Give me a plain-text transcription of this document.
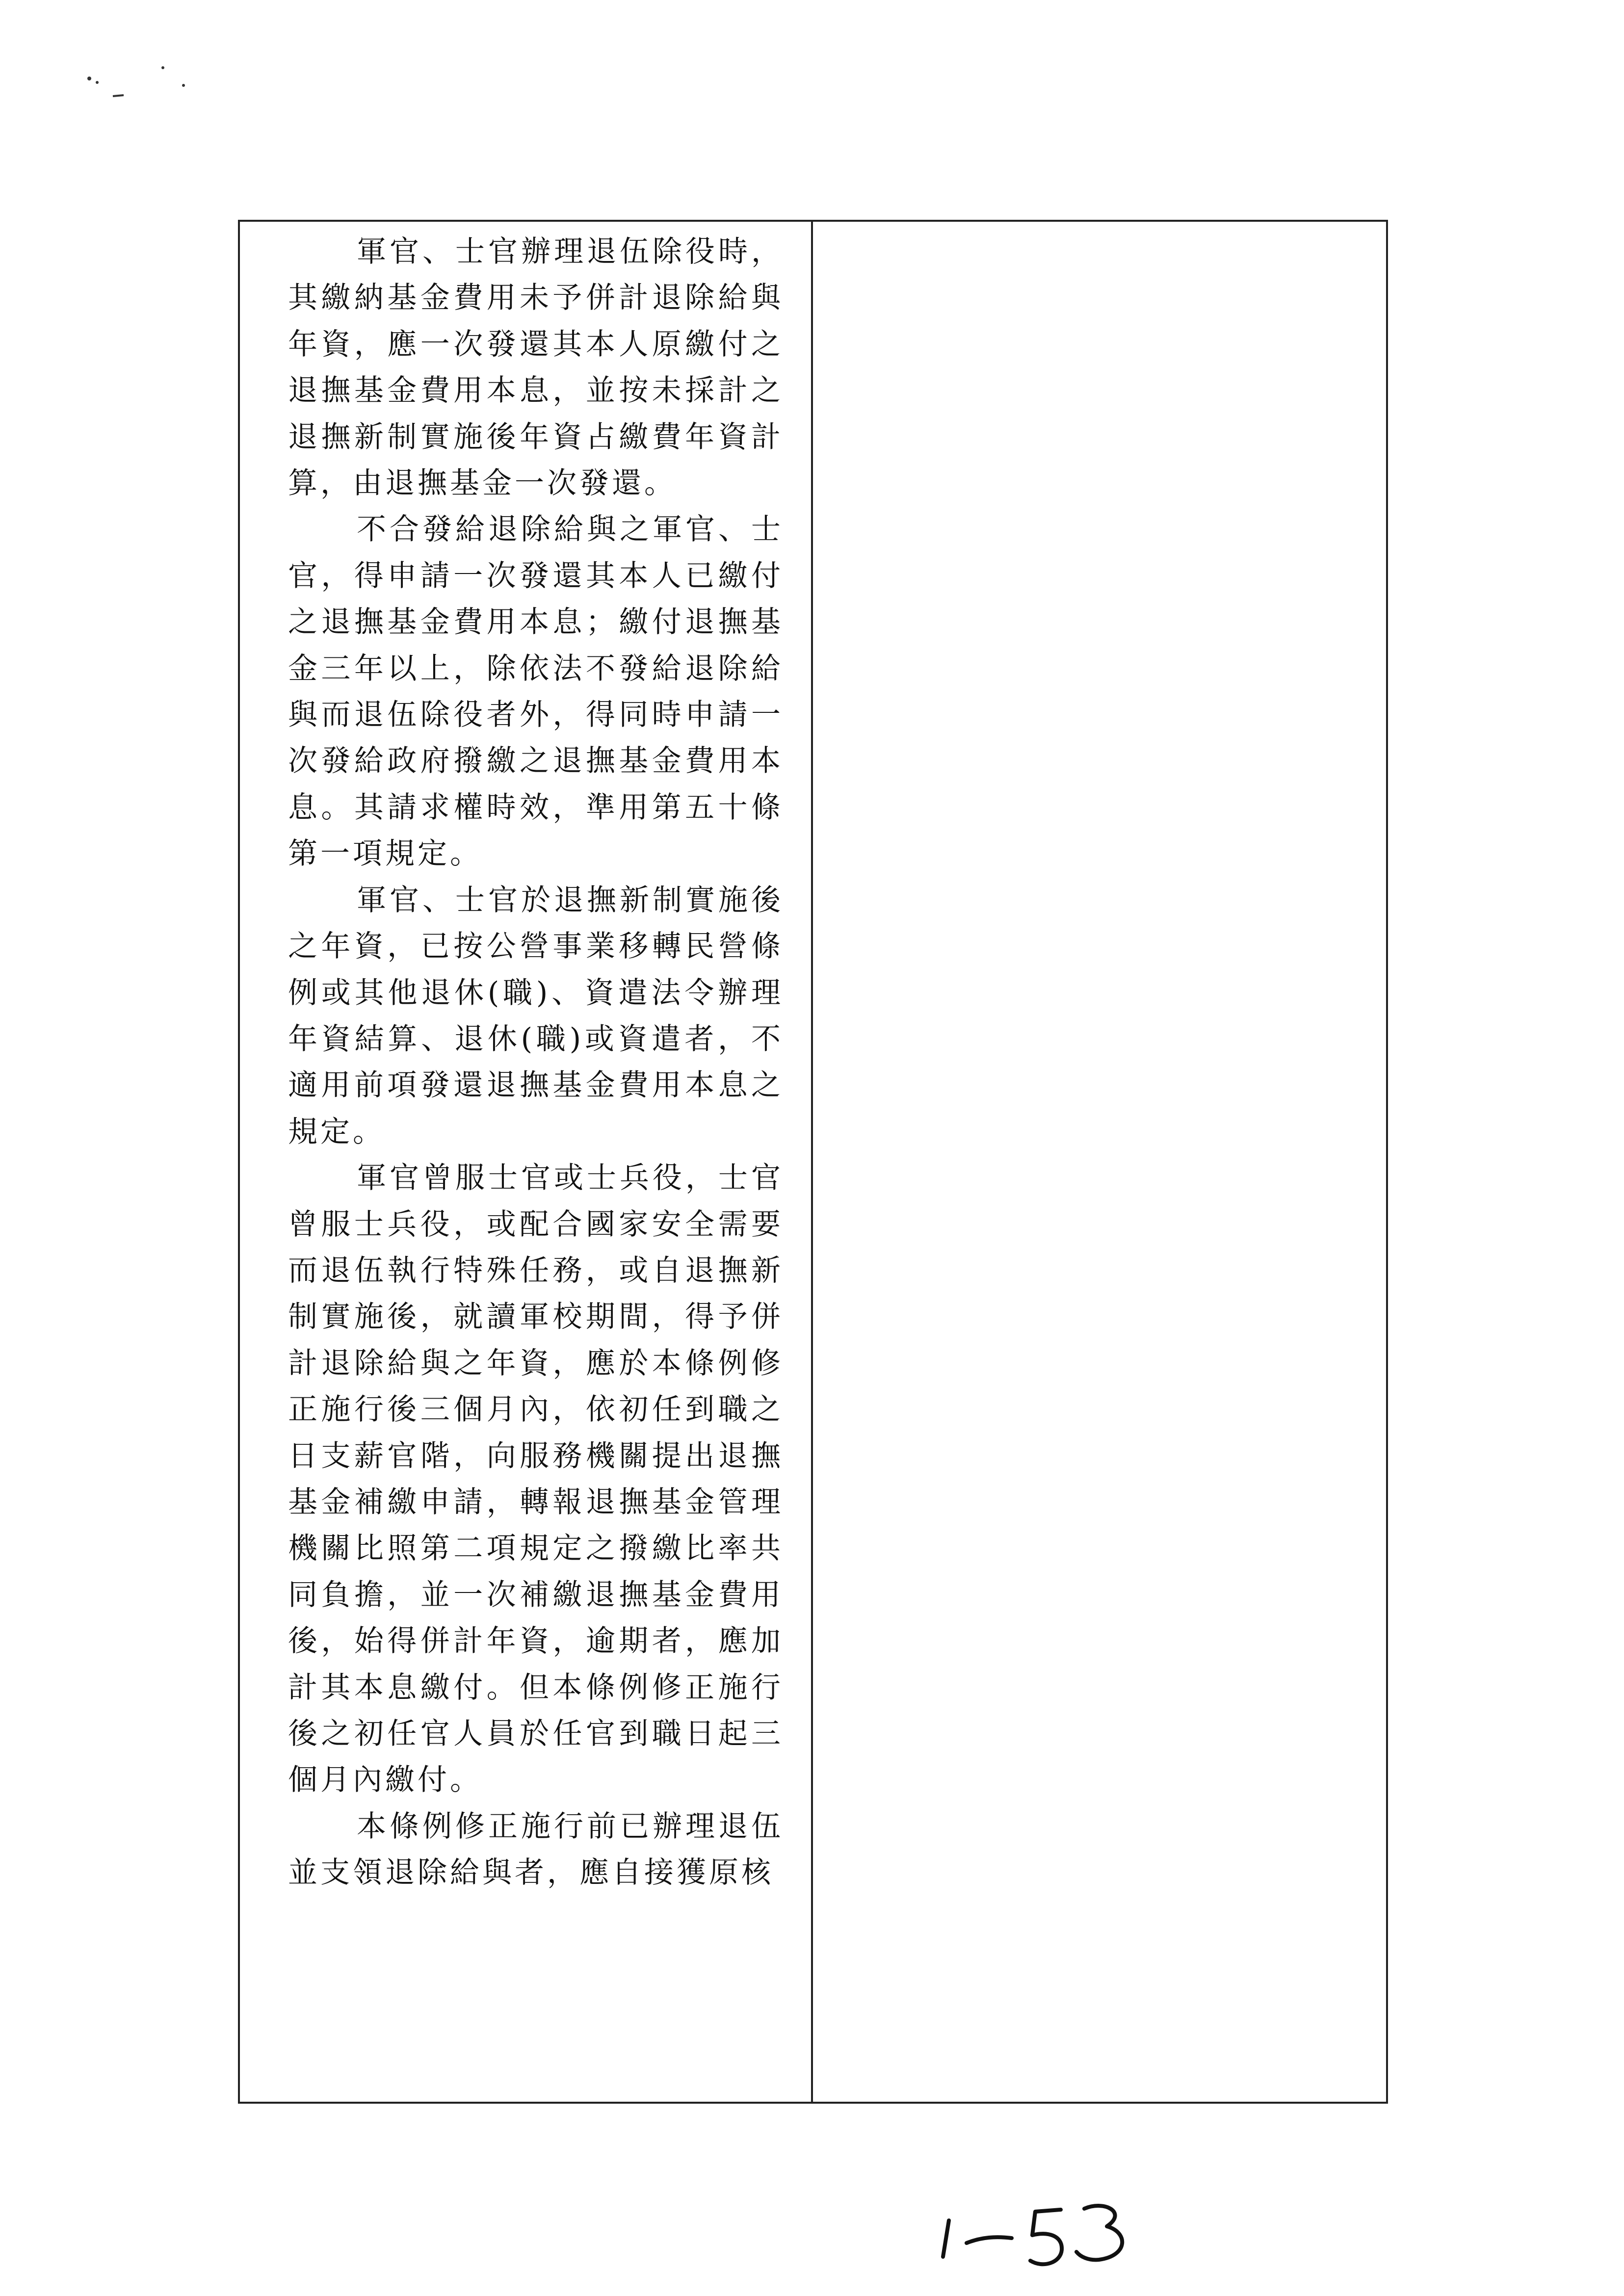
軍官、士官辦理退伍除役時，其繳納基金費用未予併計退除給與年資，應一次發還其本人原繳付之退撫基金費用本息，並按未採計之退撫新制實施後年資占繳費年資計算，由退撫基金一次發還。

不合發給退除給與之軍官、士官，得申請一次發還其本人已繳付之退撫基金費用本息；繳付退撫基金三年以上，除依法不發給退除給與而退伍除役者外，得同時申請一次發給政府撥繳之退撫基金費用本息。其請求權時效，準用第五十條第一項規定。

軍官、士官於退撫新制實施後之年資，已按公營事業移轉民營條例或其他退休(職)、資遣法令辦理年資結算、退休(職)或資遣者，不適用前項發還退撫基金費用本息之規定。

軍官曾服士官或士兵役，士官曾服士兵役，或配合國家安全需要而退伍執行特殊任務，或自退撫新制實施後，就讀軍校期間，得予併計退除給與之年資，應於本條例修正施行後三個月內，依初任到職之日支薪官階，向服務機關提出退撫基金補繳申請，轉報退撫基金管理機關比照第二項規定之撥繳比率共同負擔，並一次補繳退撫基金費用後，始得併計年資，逾期者，應加計其本息繳付。但本條例修正施行後之初任官人員於任官到職日起三個月內繳付。

本條例修正施行前已辦理退伍並支領退除給與者，應自接獲原核
